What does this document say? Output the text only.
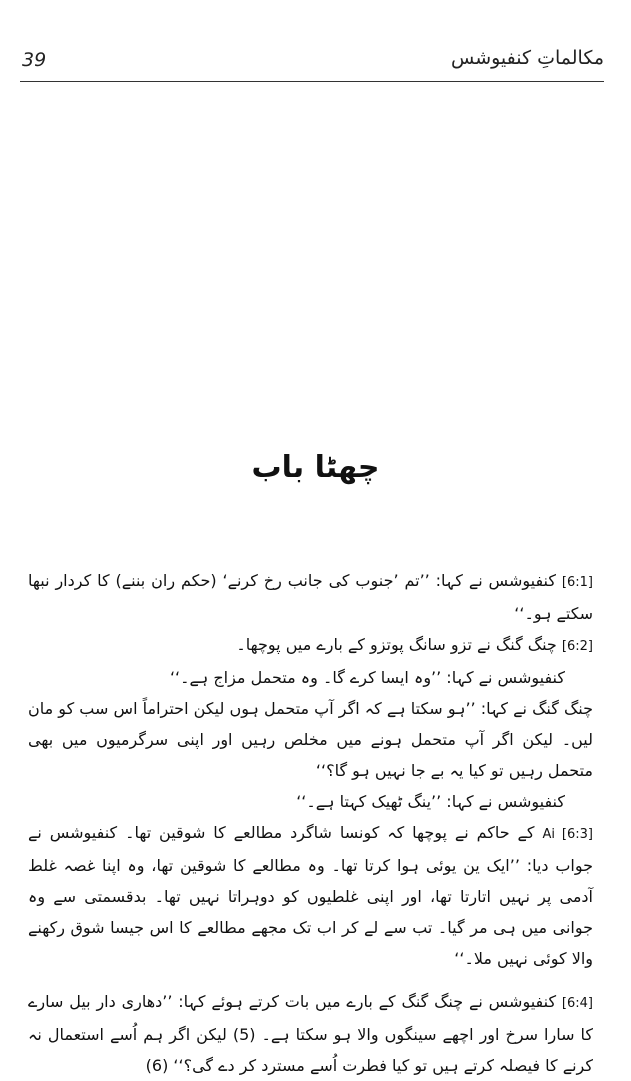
39	مکالماتِ کنفیوشس
چھٹا باب

[6:1] کنفیوشس نے کہا: ’’تم ’جنوب کی جانب رخ کرنے‘ (حکم ران بننے) کا کردار نبھا سکتے ہو۔‘‘

[6:2] چنگ گنگ نے تزو سانگ پوتزو کے بارے میں پوچھا۔

کنفیوشس نے کہا: ’’وہ ایسا کرے گا۔ وہ متحمل مزاج ہے۔‘‘

چنگ گنگ نے کہا: ’’ہو سکتا ہے کہ اگر آپ متحمل ہوں لیکن احتراماً اس سب کو مان لیں۔ لیکن اگر آپ متحمل ہونے میں مخلص رہیں اور اپنی سرگرمیوں میں بھی متحمل رہیں تو کیا یہ بے جا نہیں ہو گا؟‘‘

کنفیوشس نے کہا: ’’ینگ ٹھیک کہتا ہے۔‘‘

[6:3] Ai کے حاکم نے پوچھا کہ کونسا شاگرد مطالعے کا شوقین تھا۔ کنفیوشس نے جواب دیا: ’’ایک ین یوئی ہوا کرتا تھا۔ وہ مطالعے کا شوقین تھا، وہ اپنا غصہ غلط آدمی پر نہیں اتارتا تھا، اور اپنی غلطیوں کو دوہراتا نہیں تھا۔ بدقسمتی سے وہ جوانی میں ہی مر گیا۔ تب سے لے کر اب تک مجھے مطالعے کا اس جیسا شوق رکھنے والا کوئی نہیں ملا۔‘‘

[6:4] کنفیوشس نے چنگ گنگ کے بارے میں بات کرتے ہوئے کہا: ’’دھاری دار بیل سارے کا سارا سرخ اور اچھے سینگوں والا ہو سکتا ہے۔ (5) لیکن اگر ہم اُسے استعمال نہ کرنے کا فیصلہ کرتے ہیں تو کیا فطرت اُسے مسترد کر دے گی؟‘‘ (6)
